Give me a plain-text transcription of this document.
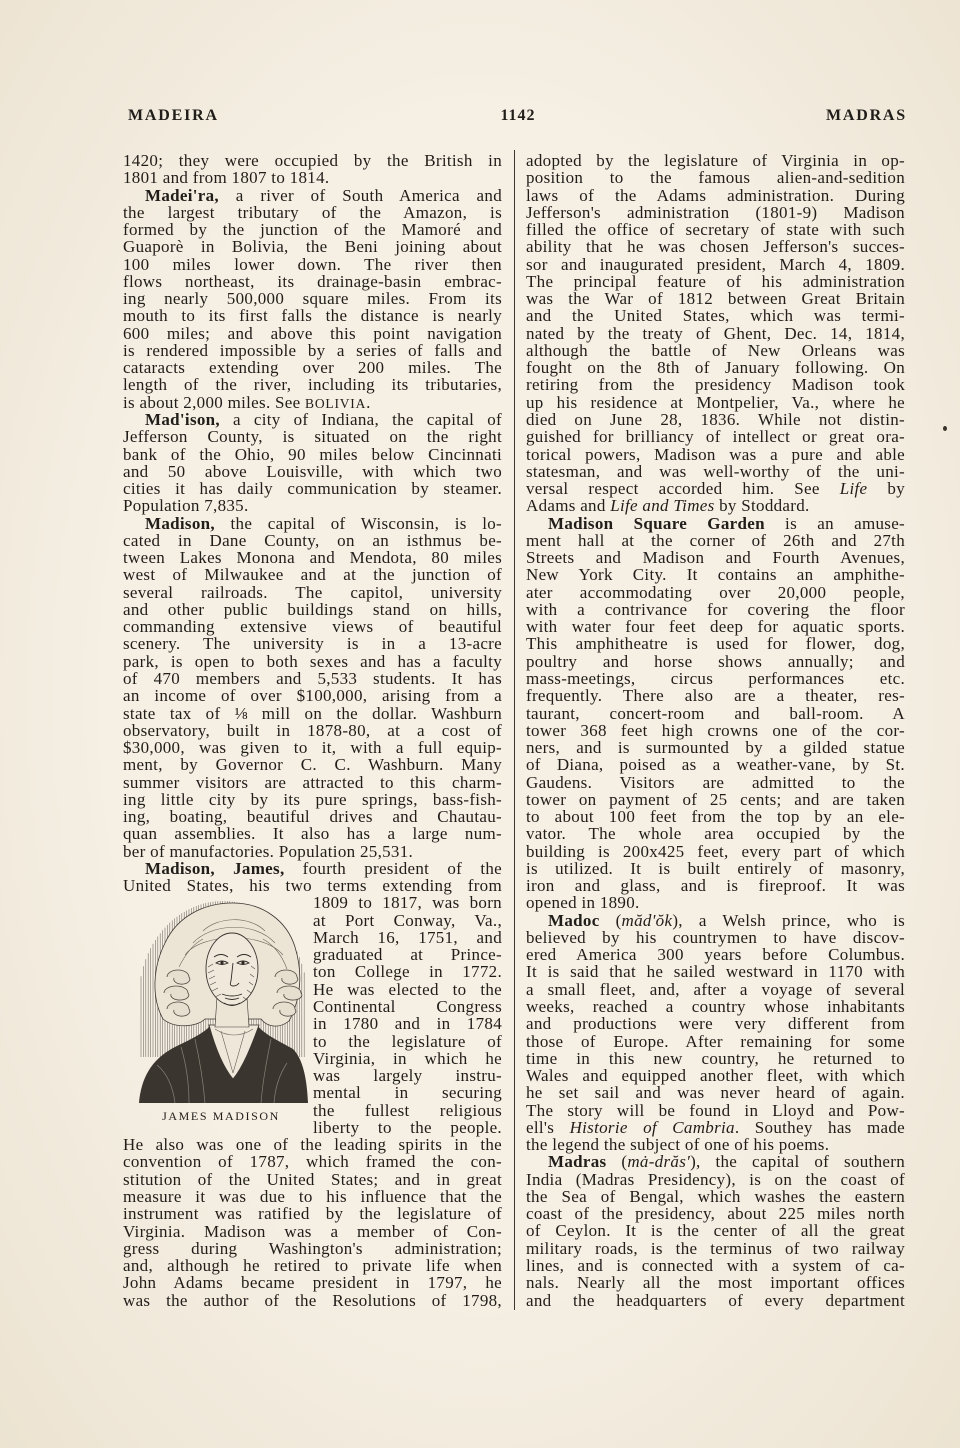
MADEIRA	1142	MADRAS
1420; they were occupied by the British in
1801 and from 1807 to 1814.
Madei'ra, a river of South America and
the largest tributary of the Amazon, is
formed by the junction of the Mamoré and
Guaporè in Bolivia, the Beni joining about
100 miles lower down. The river then
flows northeast, its drainage-basin embrac-
ing nearly 500,000 square miles. From its
mouth to its first falls the distance is nearly
600 miles; and above this point navigation
is rendered impossible by a series of falls and
cataracts extending over 200 miles. The
length of the river, including its tributaries,
is about 2,000 miles. See BOLIVIA.
Mad'ison, a city of Indiana, the capital of
Jefferson County, is situated on the right
bank of the Ohio, 90 miles below Cincinnati
and 50 above Louisville, with which two
cities it has daily communication by steamer.
Population 7,835.
Madison, the capital of Wisconsin, is lo-
cated in Dane County, on an isthmus be-
tween Lakes Monona and Mendota, 80 miles
west of Milwaukee and at the junction of
several railroads. The capitol, university
and other public buildings stand on hills,
commanding extensive views of beautiful
scenery. The university is in a 13-acre
park, is open to both sexes and has a faculty
of 470 members and 5,533 students. It has
an income of over $100,000, arising from a
state tax of ⅛ mill on the dollar. Washburn
observatory, built in 1878-80, at a cost of
$30,000, was given to it, with a full equip-
ment, by Governor C. C. Washburn. Many
summer visitors are attracted to this charm-
ing little city by its pure springs, bass-fish-
ing, boating, beautiful drives and Chautau-
quan assemblies. It also has a large num-
ber of manufactories. Population 25,531.
Madison, James, fourth president of the
United States, his two terms extending from
JAMES MADISON
1809 to 1817, was born
at Port Conway, Va.,
March 16, 1751, and
graduated at Prince-
ton College in 1772.
He was elected to the
Continental Congress
in 1780 and in 1784
to the legislature of
Virginia, in which he
was largely instru-
mental in securing
the fullest religious
liberty to the people.
He also was one of the leading spirits in the
convention of 1787, which framed the con-
stitution of the United States; and in great
measure it was due to his influence that the
instrument was ratified by the legislature of
Virginia. Madison was a member of Con-
gress during Washington's administration;
and, although he retired to private life when
John Adams became president in 1797, he
was the author of the Resolutions of 1798,
adopted by the legislature of Virginia in op-
position to the famous alien-and-sedition
laws of the Adams administration. During
Jefferson's administration (1801-9) Madison
filled the office of secretary of state with such
ability that he was chosen Jefferson's succes-
sor and inaugurated president, March 4, 1809.
The principal feature of his administration
was the War of 1812 between Great Britain
and the United States, which was termi-
nated by the treaty of Ghent, Dec. 14, 1814,
although the battle of New Orleans was
fought on the 8th of January following. On
retiring from the presidency Madison took
up his residence at Montpelier, Va., where he
died on June 28, 1836. While not distin-
guished for brilliancy of intellect or great ora-
torical powers, Madison was a pure and able
statesman, and was well-worthy of the uni-
versal respect accorded him. See Life by
Adams and Life and Times by Stoddard.
Madison Square Garden is an amuse-
ment hall at the corner of 26th and 27th
Streets and Madison and Fourth Avenues,
New York City. It contains an amphithe-
ater accommodating over 20,000 people,
with a contrivance for covering the floor
with water four feet deep for aquatic sports.
This amphitheatre is used for flower, dog,
poultry and horse shows annually; and
mass-meetings, circus performances etc.
frequently. There also are a theater, res-
taurant, concert-room and ball-room. A
tower 368 feet high crowns one of the cor-
ners, and is surmounted by a gilded statue
of Diana, poised as a weather-vane, by St.
Gaudens. Visitors are admitted to the
tower on payment of 25 cents; and are taken
to about 100 feet from the top by an ele-
vator. The whole area occupied by the
building is 200x425 feet, every part of which
is utilized. It is built entirely of masonry,
iron and glass, and is fireproof. It was
opened in 1890.
Madoc (măd'ŏk), a Welsh prince, who is
believed by his countrymen to have discov-
ered America 300 years before Columbus.
It is said that he sailed westward in 1170 with
a small fleet, and, after a voyage of several
weeks, reached a country whose inhabitants
and productions were very different from
those of Europe. After remaining for some
time in this new country, he returned to
Wales and equipped another fleet, with which
he set sail and was never heard of again.
The story will be found in Lloyd and Pow-
ell's Historie of Cambria. Southey has made
the legend the subject of one of his poems.
Madras (mȧ-drăs'), the capital of southern
India (Madras Presidency), is on the coast of
the Sea of Bengal, which washes the eastern
coast of the presidency, about 225 miles north
of Ceylon. It is the center of all the great
military roads, is the terminus of two railway
lines, and is connected with a system of ca-
nals. Nearly all the most important offices
and the headquarters of every department
